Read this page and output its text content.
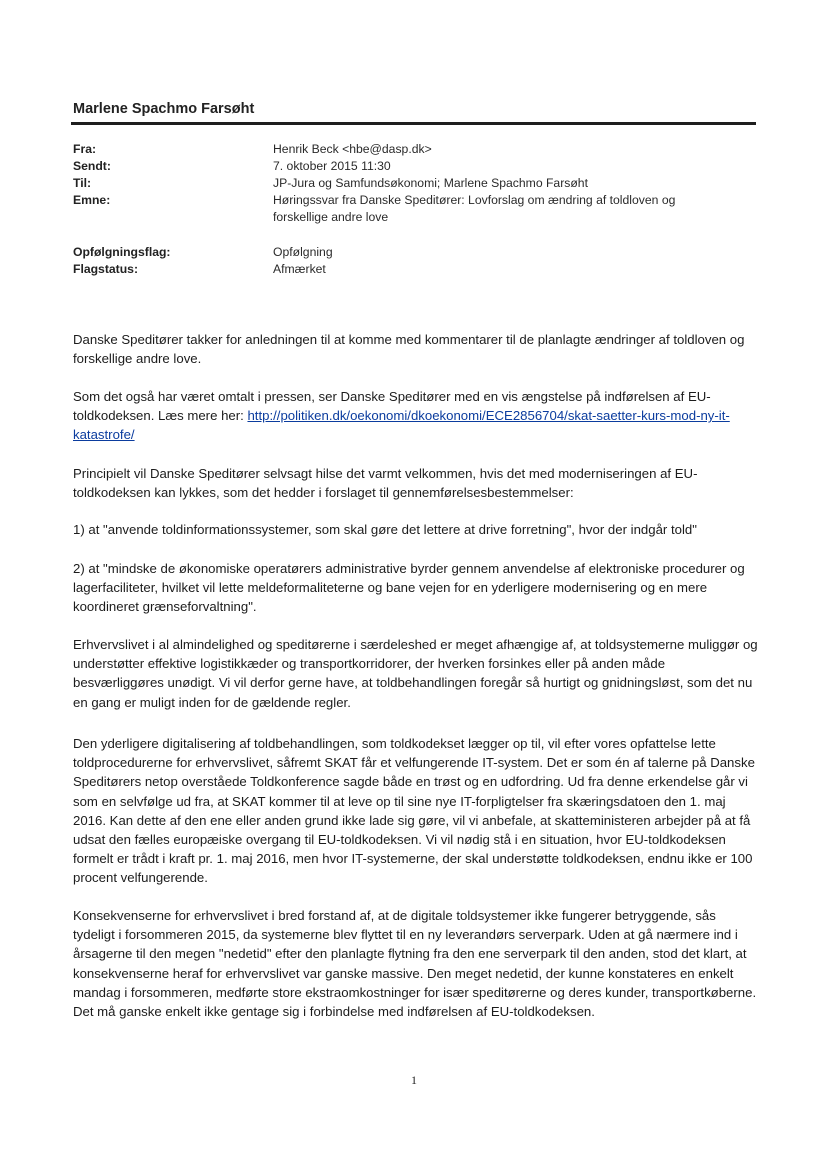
Marlene Spachmo Farsøht
Fra:	Henrik Beck <hbe@dasp.dk>
Sendt:	7. oktober 2015 11:30
Til:	JP-Jura og Samfundsøkonomi; Marlene Spachmo Farsøht
Emne:	Høringssvar fra Danske Speditører: Lovforslag om ændring af toldloven og forskellige andre love
Opfølgningsflag:	Opfølgning
Flagstatus:	Afmærket

Danske Speditører takker for anledningen til at komme med kommentarer til de planlagte ændringer af toldloven og forskellige andre love.

Som det også har været omtalt i pressen, ser Danske Speditører med en vis ængstelse på indførelsen af EU-toldkodeksen. Læs mere her: http://politiken.dk/oekonomi/dkoekonomi/ECE2856704/skat-saetter-kurs-mod-ny-it-katastrofe/

Principielt vil Danske Speditører selvsagt hilse det varmt velkommen, hvis det med moderniseringen af EU-toldkodeksen kan lykkes, som det hedder i forslaget til gennemførelsesbestemmelser:

1) at "anvende toldinformationssystemer, som skal gøre det lettere at drive forretning", hvor der indgår told"

2) at "mindske de økonomiske operatørers administrative byrder gennem anvendelse af elektroniske procedurer og lagerfaciliteter, hvilket vil lette meldeformaliteterne og bane vejen for en yderligere modernisering og en mere koordineret grænseforvaltning".

Erhvervslivet i al almindelighed og speditørerne i særdeleshed er meget afhængige af, at toldsystemerne muliggør og understøtter effektive logistikkæder og transportkorridorer, der hverken forsinkes eller på anden måde besværliggøres unødigt. Vi vil derfor gerne have, at toldbehandlingen foregår så hurtigt og gnidningsløst, som det nu en gang er muligt inden for de gældende regler.

Den yderligere digitalisering af toldbehandlingen, som toldkodekset lægger op til, vil efter vores opfattelse lette toldprocedurerne for erhvervslivet, såfremt SKAT får et velfungerende IT-system. Det er som én af talerne på Danske Speditørers netop overståede Toldkonference sagde både en trøst og en udfordring. Ud fra denne erkendelse går vi som en selvfølge ud fra, at SKAT kommer til at leve op til sine nye IT-forpligtelser fra skæringsdatoen den 1. maj 2016. Kan dette af den ene eller anden grund ikke lade sig gøre, vil vi anbefale, at skatteministeren arbejder på at få udsat den fælles europæiske overgang til EU-toldkodeksen. Vi vil nødig stå i en situation, hvor EU-toldkodeksen formelt er trådt i kraft pr. 1. maj 2016, men hvor IT-systemerne, der skal understøtte toldkodeksen, endnu ikke er 100 procent velfungerende.

Konsekvenserne for erhvervslivet i bred forstand af, at de digitale toldsystemer ikke fungerer betryggende, sås tydeligt i forsommeren 2015, da systemerne blev flyttet til en ny leverandørs serverpark. Uden at gå nærmere ind i årsagerne til den megen "nedetid" efter den planlagte flytning fra den ene serverpark til den anden, stod det klart, at konsekvenserne heraf for erhvervslivet var ganske massive. Den meget nedetid, der kunne konstateres en enkelt mandag i forsommeren, medførte store ekstraomkostninger for især speditørerne og deres kunder, transportkøberne. Det må ganske enkelt ikke gentage sig i forbindelse med indførelsen af EU-toldkodeksen.

1
